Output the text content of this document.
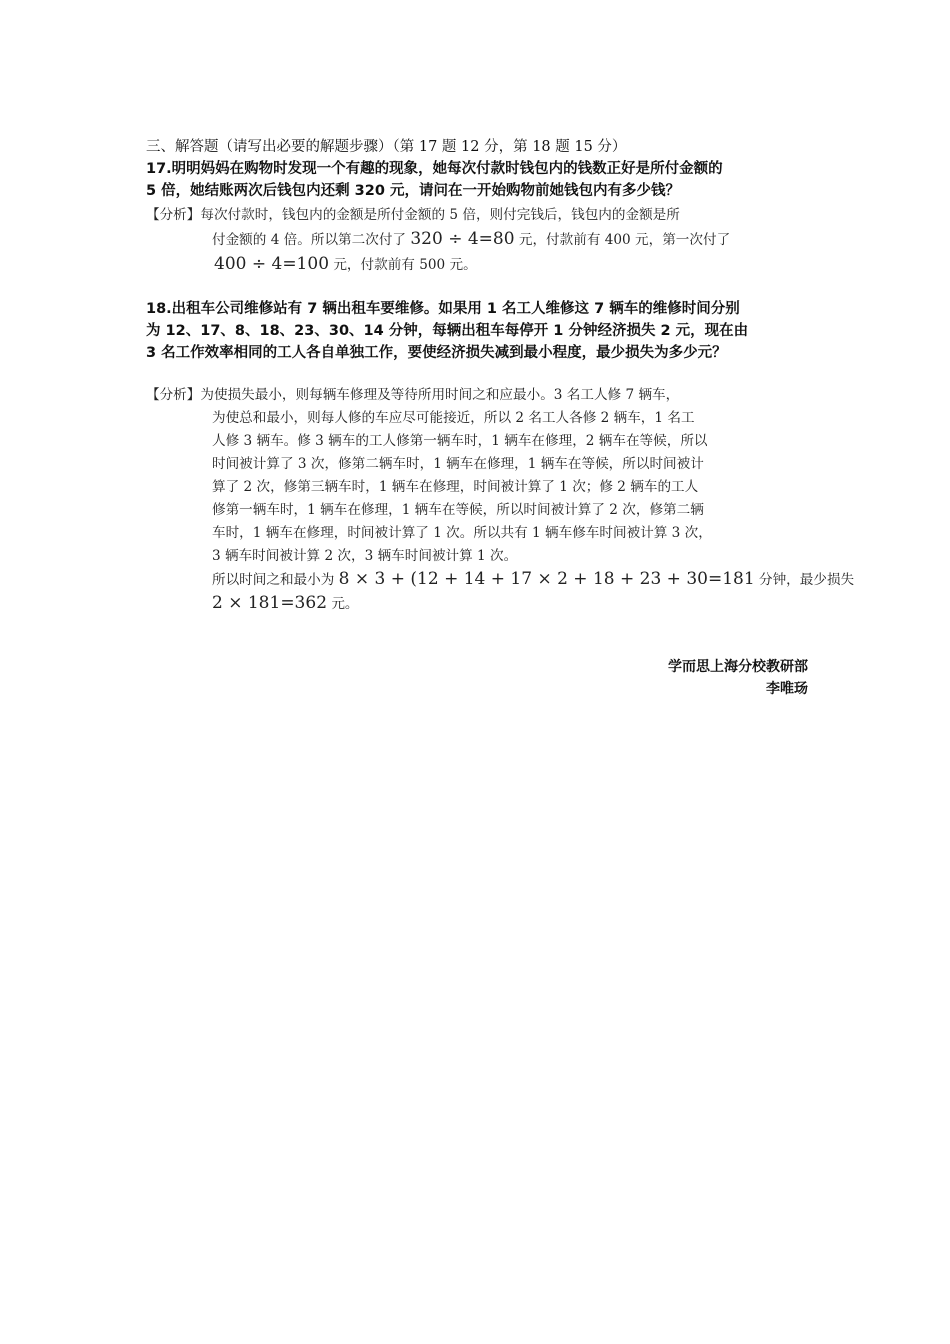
三、解答题（请写出必要的解题步骤）（第 17 题 12 分，第 18 题 15 分）
17.明明妈妈在购物时发现一个有趣的现象，她每次付款时钱包内的钱数正好是所付金额的
5 倍，她结账两次后钱包内还剩 320 元，请问在一开始购物前她钱包内有多少钱？
【分析】每次付款时，钱包内的金额是所付金额的 5 倍，则付完钱后，钱包内的金额是所
付金额的 4 倍。所以第二次付了 320 ÷ 4=80 元，付款前有 400 元，第一次付了
400 ÷ 4=100 元，付款前有 500 元。
18.出租车公司维修站有 7 辆出租车要维修。如果用 1 名工人维修这 7 辆车的维修时间分别
为 12、17、8、18、23、30、14 分钟，每辆出租车每停开 1 分钟经济损失 2 元，现在由
3 名工作效率相同的工人各自单独工作，要使经济损失减到最小程度，最少损失为多少元？
【分析】为使损失最小，则每辆车修理及等待所用时间之和应最小。3 名工人修 7 辆车，
为使总和最小，则每人修的车应尽可能接近，所以 2 名工人各修 2 辆车，1 名工
人修 3 辆车。修 3 辆车的工人修第一辆车时，1 辆车在修理，2 辆车在等候，所以
时间被计算了 3 次，修第二辆车时，1 辆车在修理，1 辆车在等候，所以时间被计
算了 2 次，修第三辆车时，1 辆车在修理，时间被计算了 1 次；修 2 辆车的工人
修第一辆车时，1 辆车在修理，1 辆车在等候，所以时间被计算了 2 次，修第二辆
车时，1 辆车在修理，时间被计算了 1 次。所以共有 1 辆车修车时间被计算 3 次，
3 辆车时间被计算 2 次，3 辆车时间被计算 1 次。
所以时间之和最小为 8 × 3 + (12 + 14 + 17 × 2 + 18 + 23 + 30=181 分钟，最少损失
2 × 181=362 元。
学而思上海分校教研部
李唯玚
